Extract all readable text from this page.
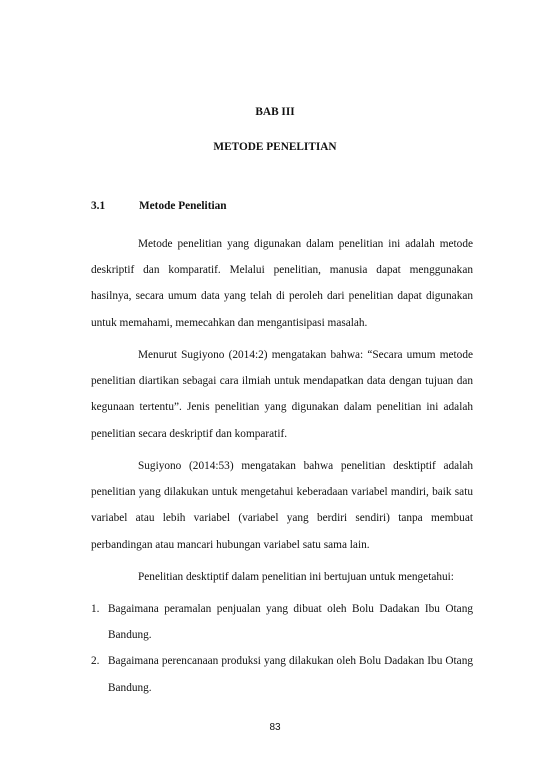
BAB III
METODE PENELITIAN
3.1	Metode Penelitian

Metode penelitian yang digunakan dalam penelitian ini adalah metode deskriptif dan komparatif. Melalui penelitian, manusia dapat menggunakan hasilnya, secara umum data yang telah di peroleh dari penelitian dapat digunakan untuk memahami, memecahkan dan mengantisipasi masalah.

Menurut Sugiyono (2014:2) mengatakan bahwa: “Secara umum metode penelitian diartikan sebagai cara ilmiah untuk mendapatkan data dengan tujuan dan kegunaan tertentu”. Jenis penelitian yang digunakan dalam penelitian ini adalah penelitian secara deskriptif dan komparatif.

Sugiyono (2014:53) mengatakan bahwa penelitian desktiptif adalah penelitian yang dilakukan untuk mengetahui keberadaan variabel mandiri, baik satu variabel atau lebih variabel (variabel yang berdiri sendiri) tanpa membuat perbandingan atau mancari hubungan variabel satu sama lain.

Penelitian desktiptif dalam penelitian ini bertujuan untuk mengetahui:

1. Bagaimana peramalan penjualan yang dibuat oleh Bolu Dadakan Ibu Otang Bandung.
2. Bagaimana perencanaan produksi yang dilakukan oleh Bolu Dadakan Ibu Otang Bandung.
83
